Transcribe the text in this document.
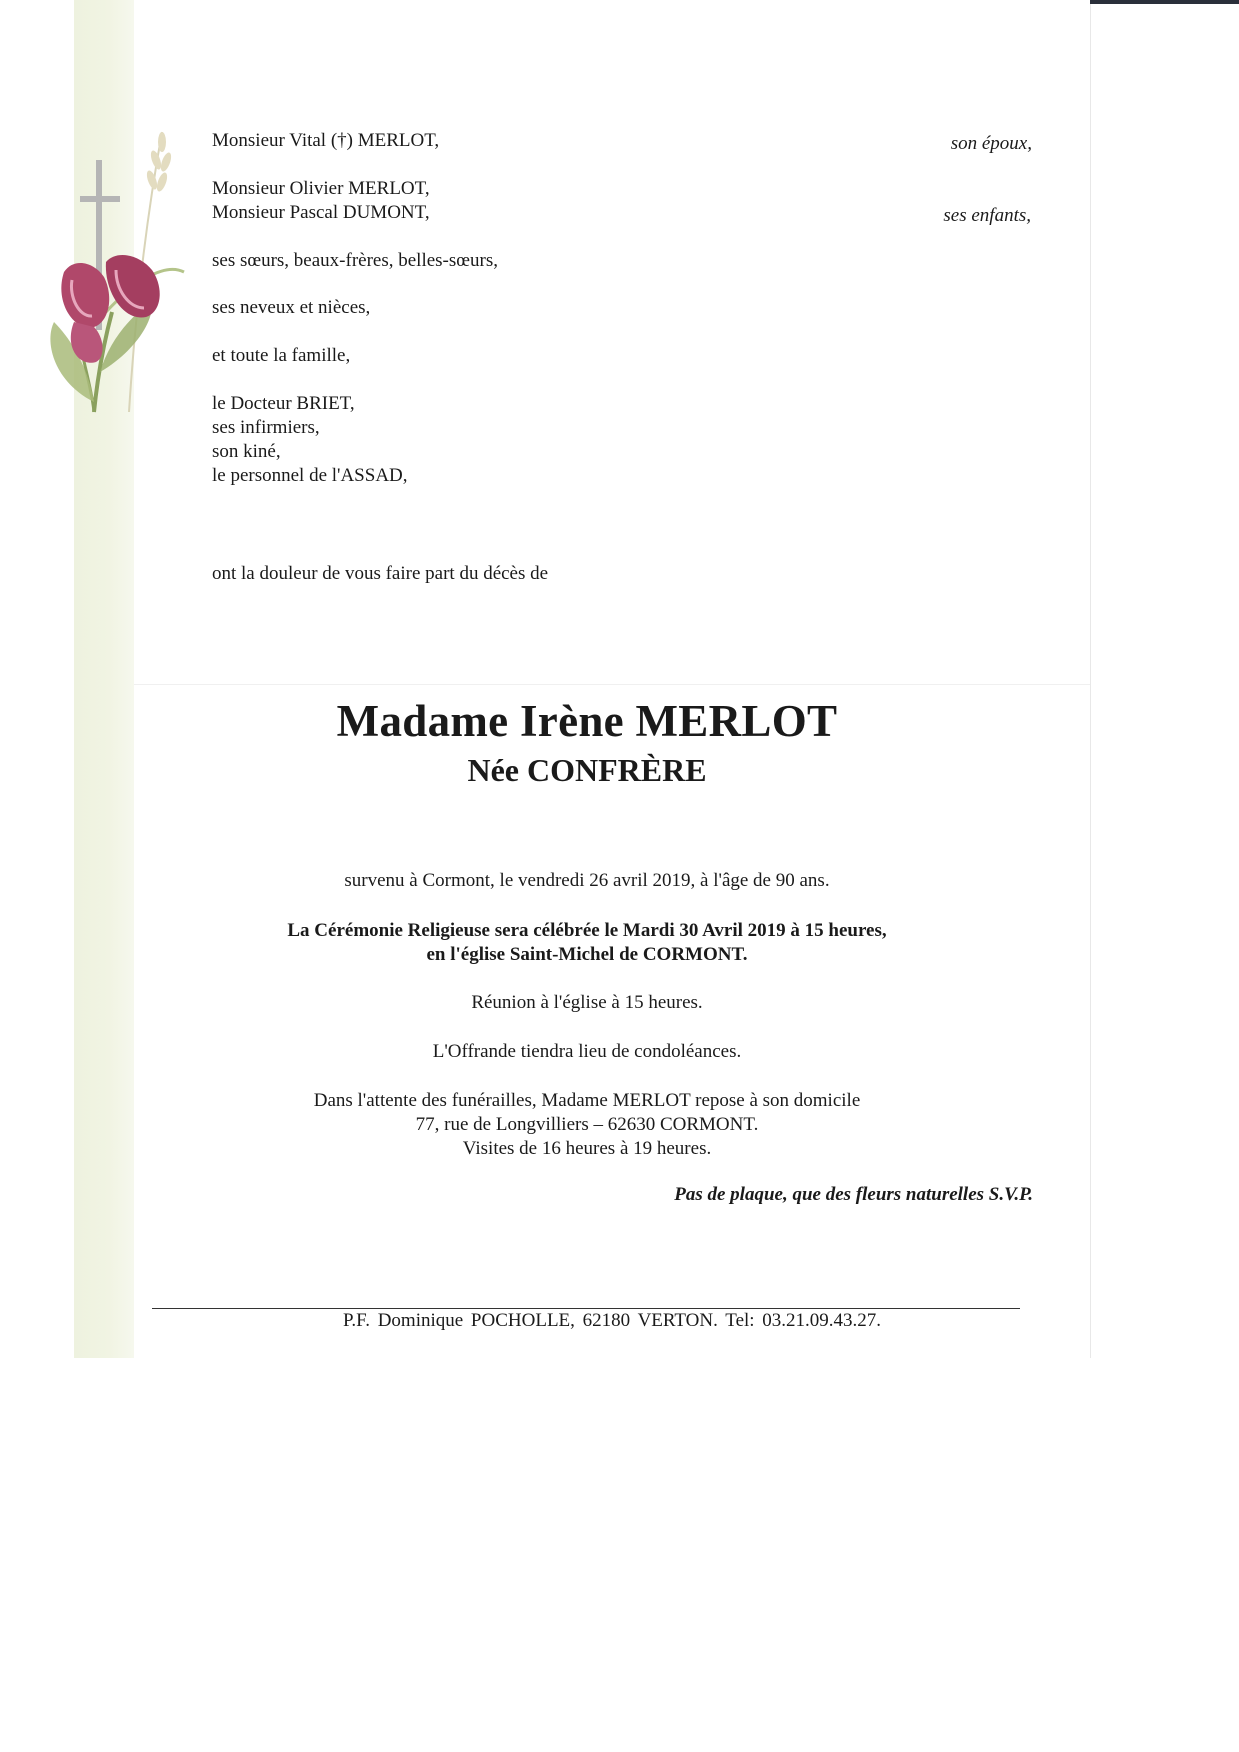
Monsieur Vital (†) MERLOT,	son époux,
Monsieur Olivier MERLOT,
Monsieur Pascal DUMONT,	ses enfants,
ses sœurs, beaux-frères, belles-sœurs,
ses neveux et nièces,
et toute la famille,
le Docteur BRIET,
ses infirmiers,
son kiné,
le personnel de l'ASSAD,
ont la douleur de vous faire part du décès de
Madame Irène MERLOT
Née CONFRÈRE
survenu à Cormont, le vendredi 26 avril 2019, à l'âge de 90 ans.
La Cérémonie Religieuse sera célébrée le Mardi 30 Avril 2019 à 15 heures,
en l'église Saint-Michel de CORMONT.
Réunion à l'église à 15 heures.
L'Offrande tiendra lieu de condoléances.
Dans l'attente des funérailles, Madame MERLOT repose à son domicile
77, rue de Longvilliers – 62630 CORMONT.
Visites de 16 heures à 19 heures.
Pas de plaque, que des fleurs naturelles S.V.P.
P.F. Dominique POCHOLLE, 62180 VERTON. Tel: 03.21.09.43.27.
